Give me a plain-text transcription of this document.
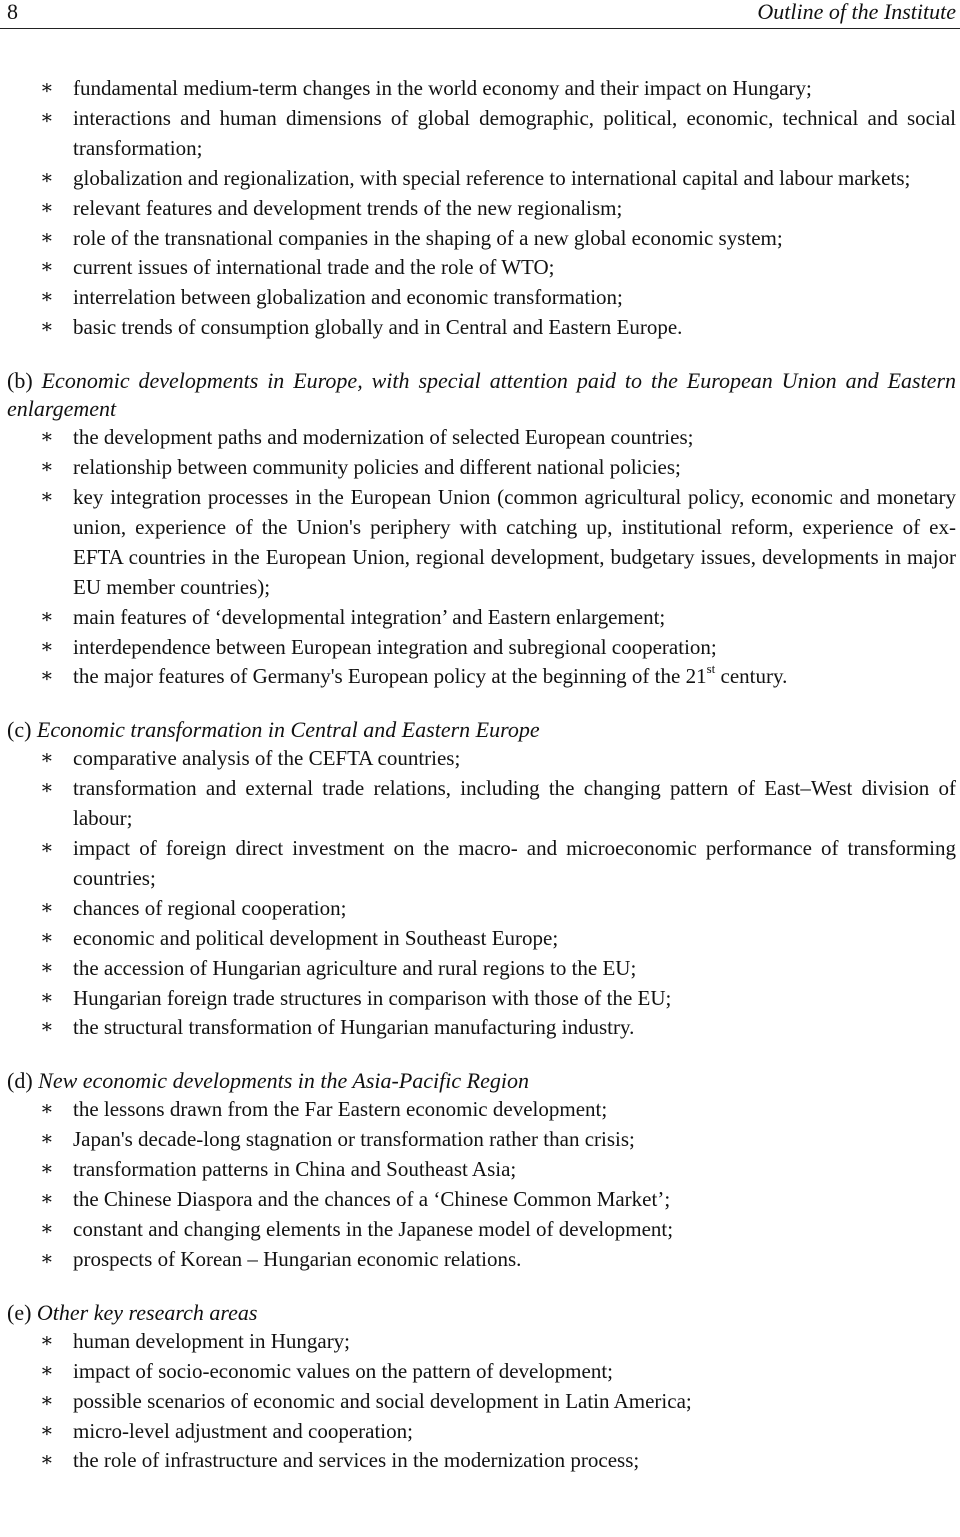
8	Outline of the Institute
∗ fundamental medium-term changes in the world economy and their impact on Hungary;
∗ interactions and human dimensions of global demographic, political, economic, technical and social transformation;
∗ globalization and regionalization, with special reference to international capital and labour markets;
∗ relevant features and development trends of the new regionalism;
∗ role of the transnational companies in the shaping of a new global economic system;
∗ current issues of international trade and the role of WTO;
∗ interrelation between globalization and economic transformation;
∗ basic trends of consumption globally and in Central and Eastern Europe.
(b) Economic developments in Europe, with special attention paid to the European Union and Eastern enlargement
∗ the development paths and modernization of selected European countries;
∗ relationship between community policies and different national policies;
∗ key integration processes in the European Union (common agricultural policy, economic and monetary union, experience of the Union's periphery with catching up, institutional reform, experience of ex-EFTA countries in the European Union, regional development, budgetary issues, developments in major EU member countries);
∗ main features of ‘developmental integration’ and Eastern enlargement;
∗ interdependence between European integration and subregional cooperation;
∗ the major features of Germany's European policy at the beginning of the 21st century.
(c) Economic transformation in Central and Eastern Europe
∗ comparative analysis of the CEFTA countries;
∗ transformation and external trade relations, including the changing pattern of East–West division of labour;
∗ impact of foreign direct investment on the macro- and microeconomic performance of transforming countries;
∗ chances of regional cooperation;
∗ economic and political development in Southeast Europe;
∗ the accession of Hungarian agriculture and rural regions to the EU;
∗ Hungarian foreign trade structures in comparison with those of the EU;
∗ the structural transformation of Hungarian manufacturing industry.
(d) New economic developments in the Asia-Pacific Region
∗ the lessons drawn from the Far Eastern economic development;
∗ Japan's decade-long stagnation or transformation rather than crisis;
∗ transformation patterns in China and Southeast Asia;
∗ the Chinese Diaspora and the chances of a ‘Chinese Common Market’;
∗ constant and changing elements in the Japanese model of development;
∗ prospects of Korean – Hungarian economic relations.
(e) Other key research areas
∗ human development in Hungary;
∗ impact of socio-economic values on the pattern of development;
∗ possible scenarios of economic and social development in Latin America;
∗ micro-level adjustment and cooperation;
∗ the role of infrastructure and services in the modernization process;
